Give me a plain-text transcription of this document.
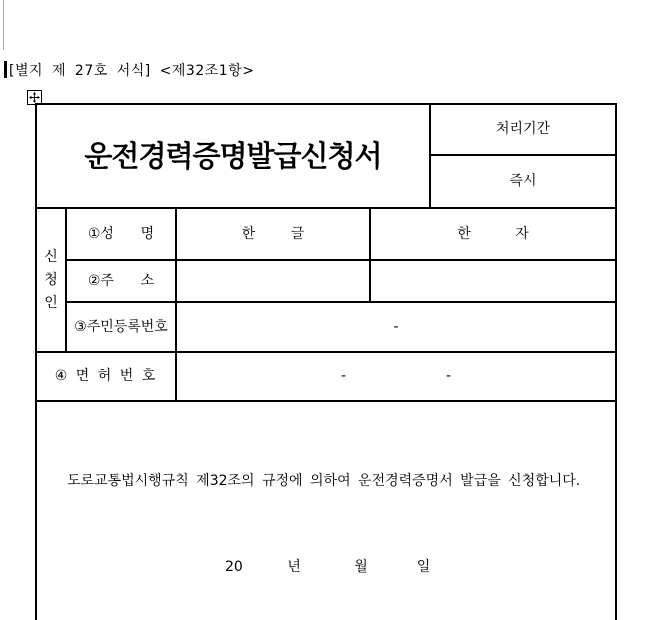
[별지 제 27호 서식] <제32조1항>
운전경력증명발급신청서
처리기간
즉시
신
청
인
①성      명	한        글	한          자
②주      소
③주민등록번호	-
④ 면 허 번 호	-	-
도로교통법시행규칙 제32조의 규정에 의하여 운전경력증명서 발급을 신청합니다.
20          년            월           일
